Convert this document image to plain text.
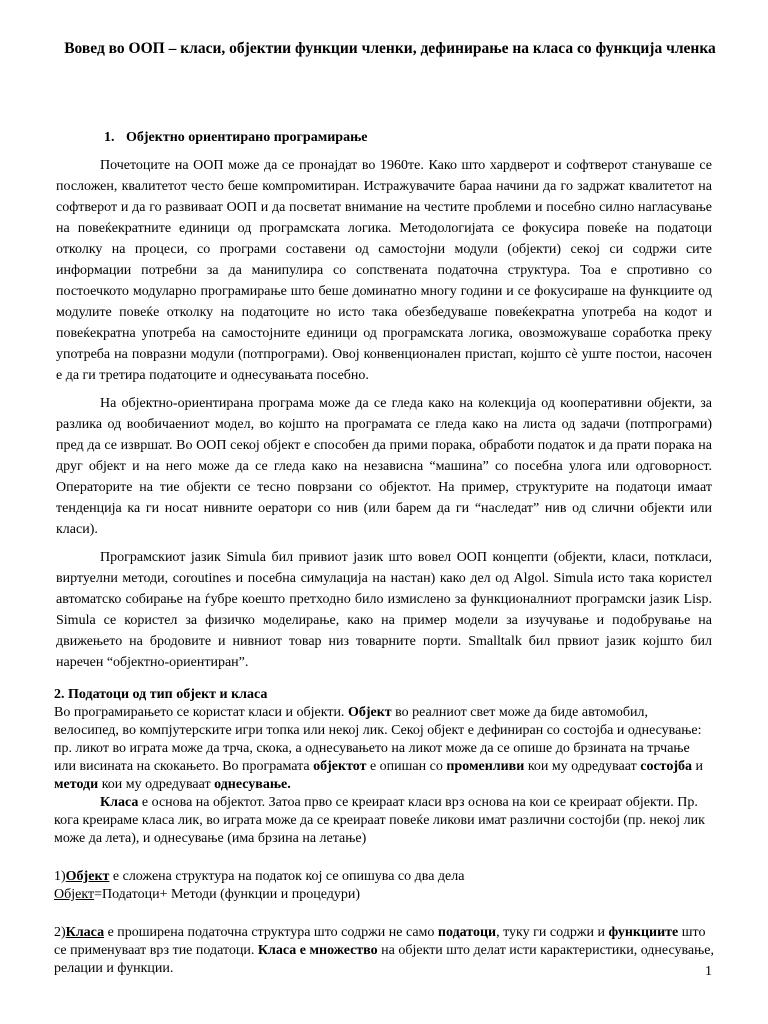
Вовед во ООП – класи, објектии функции членки, дефинирање на класа со функција членка
1. Објектно ориентирано програмирање

Почетоците на ООП може да се пронајдат во 1960те. Како што хардверот и софтверот стануваше се посложен, квалитетот често беше компромитиран. Истражувачите бараа начини да го задржат квалитетот на софтверот и да го развиваат ООП и да посветат внимание на честите проблеми и посебно силно нагласување на повеќекратните единици од програмската логика. Методологијата се фокусира повеќе на податоци отколку на процеси, со програми составени од самостојни модули (објекти) секој си содржи сите информации потребни за да манипулира со сопствената податочна структура. Тоа е спротивно со постоечкото модуларно програмирање што беше доминатно многу години и се фокусираше на функциите од модулите повеќе отколку на податоците но исто така обезбедуваше повеќекратна употреба на кодот и повеќекратна употреба на самостојните единици од програмската логика, овозможуваше соработка преку употреба на повразни модули (потпрограми). Овој конвенционален пристап, којшто сè уште постои, насочен е да ги третира податоците и однесувањата посебно.

На објектно-ориентирана програма може да се гледа како на колекција од кооперативни објекти, за разлика од вообичаениот модел, во којшто на програмата се гледа како на листа од задачи (потпрограми) пред да се извршат. Во ООП секој објект е способен да прими порака, обработи податок и да прати порака на друг објект и на него може да се гледа како на независна “машина” со посебна улога или одговорност. Операторите на тие објекти се тесно поврзани со објектот. На пример, структурите на податоци имаат тенденција ка ги носат нивните оератори со нив (или барем да ги “наследат” нив од слични објекти или класи).

Програмскиот јазик Simula бил привиот јазик што вовел ООП концепти (објекти, класи, поткласи, виртуелни методи, coroutines и посебна симулација на настан) како дел од Algol. Simula исто така користел автоматско собирање на ѓубре коешто претходно било измислено за функционалниот програмски јазик Lisp. Simula се користел за физичко моделирање, како на пример модели за изучување и подобрување на движењето на бродовите и нивниот товар низ товарните порти. Smalltalk бил првиот јазик којшто бил наречен “објектно-ориентиран”.

2. Податоци од тип објект и класа

Во програмирањето се користат класи и објекти. Објект во реалниот свет може да биде автомобил, велосипед, во компјутерските игри топка или некој лик. Секој објект е дефиниран со состојба и однесување: пр. ликот во играта може да трча, скока, а однесувањето на ликот може да се опише до брзината на трчање или висината на скокањето. Во програмата објектот е опишан со променливи кои му одредуваат состојба и методи кои му одредуваат однесување.

Класа е основа на објектот. Затоа прво се креираат класи врз основа на кои се креираат објекти. Пр. кога креираме класа лик, во играта може да се креираат повеќе ликови имат различни состојби (пр. некој лик може да лета), и однесување (има брзина на летање)

1)Објект е сложена структура на податок кој се опишува со два дела

Објект=Податоци+ Методи (функции и процедури)

2)Класа е проширена податочна структура што содржи не само податоци, туку ги содржи и функциите што се применуваат врз тие податоци. Класа е множество на објекти што делат исти карактеристики, однесување, релации и функции.	1
